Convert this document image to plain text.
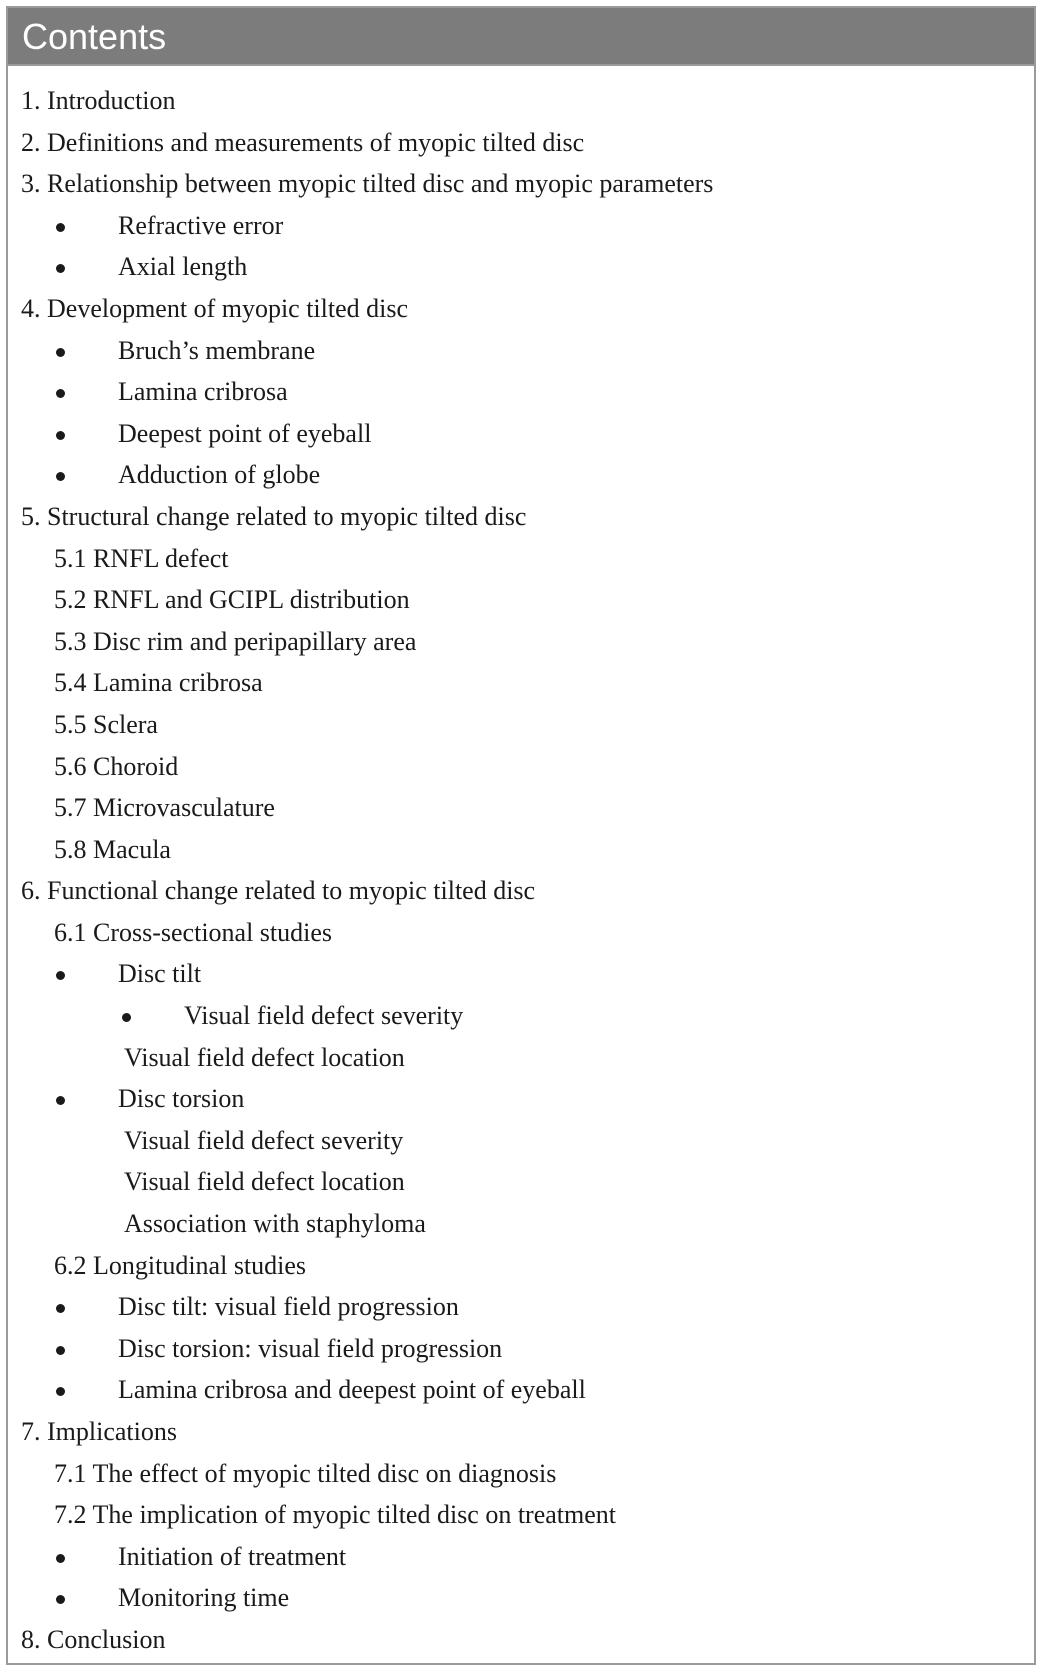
Contents
1. Introduction
2. Definitions and measurements of myopic tilted disc
3. Relationship between myopic tilted disc and myopic parameters
Refractive error
Axial length
4. Development of myopic tilted disc
Bruch’s membrane
Lamina cribrosa
Deepest point of eyeball
Adduction of globe
5. Structural change related to myopic tilted disc
5.1 RNFL defect
5.2 RNFL and GCIPL distribution
5.3 Disc rim and peripapillary area
5.4 Lamina cribrosa
5.5 Sclera
5.6 Choroid
5.7 Microvasculature
5.8 Macula
6. Functional change related to myopic tilted disc
6.1 Cross-sectional studies
Disc tilt
Visual field defect severity
Visual field defect location
Disc torsion
Visual field defect severity
Visual field defect location
Association with staphyloma
6.2 Longitudinal studies
Disc tilt: visual field progression
Disc torsion: visual field progression
Lamina cribrosa and deepest point of eyeball
7. Implications
7.1 The effect of myopic tilted disc on diagnosis
7.2 The implication of myopic tilted disc on treatment
Initiation of treatment
Monitoring time
8. Conclusion
